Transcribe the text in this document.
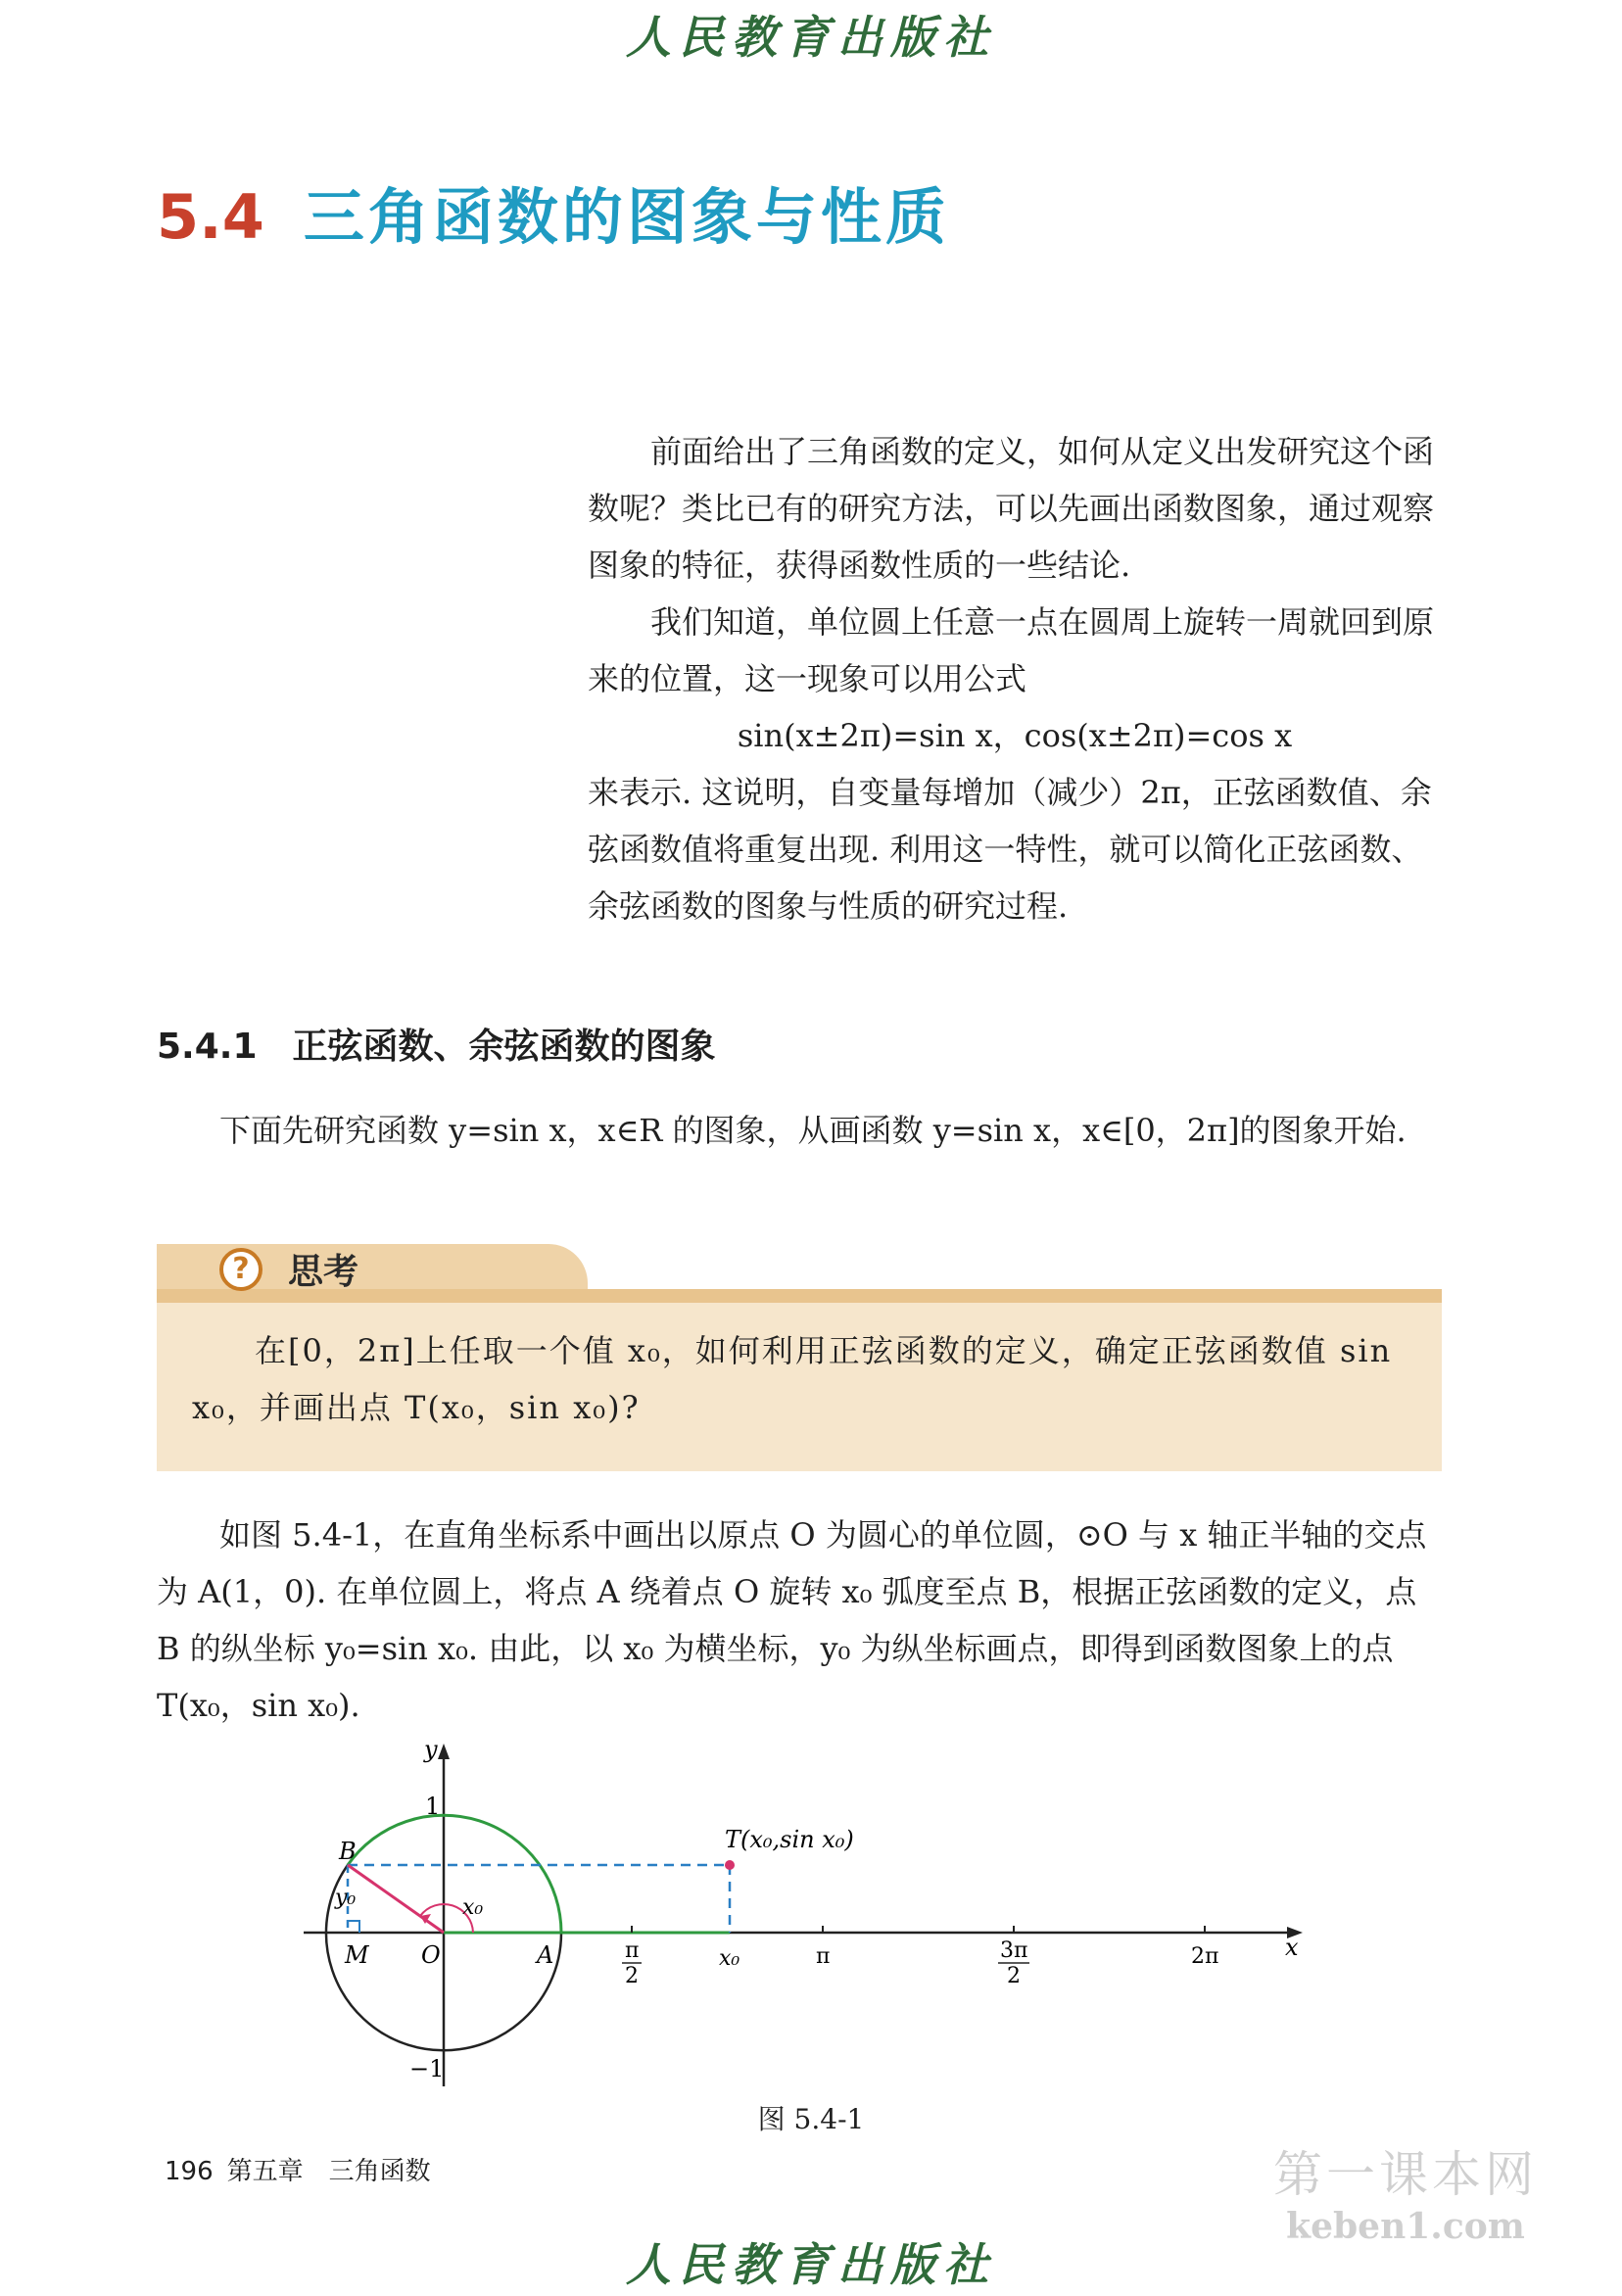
人民教育出版社
5.4 三角函数的图象与性质

前面给出了三角函数的定义，如何从定义出发研究这个函数呢？类比已有的研究方法，可以先画出函数图象，通过观察图象的特征，获得函数性质的一些结论.

我们知道，单位圆上任意一点在圆周上旋转一周就回到原来的位置，这一现象可以用公式

sin(x±2π)=sin x，cos(x±2π)=cos x

来表示. 这说明，自变量每增加（减少）2π，正弦函数值、余弦函数值将重复出现. 利用这一特性，就可以简化正弦函数、余弦函数的图象与性质的研究过程.

5.4.1 正弦函数、余弦函数的图象

下面先研究函数 y=sin x，x∈R 的图象，从画函数 y=sin x，x∈[0，2π]的图象开始.

?	思考

在[0，2π]上任取一个值 x₀，如何利用正弦函数的定义，确定正弦函数值 sin x₀，并画出点 T(x₀，sin x₀)?

如图 5.4-1，在直角坐标系中画出以原点 O 为圆心的单位圆，⊙O 与 x 轴正半轴的交点为 A(1，0). 在单位圆上，将点 A 绕着点 O 旋转 x₀ 弧度至点 B，根据正弦函数的定义，点 B 的纵坐标 y₀=sin x₀. 由此，以 x₀ 为横坐标，y₀ 为纵坐标画点，即得到函数图象上的点 T(x₀，sin x₀).

y
x
1
−1
B
M O	A
y₀	x₀
T(x₀,sin x₀)
π
2
x₀	π	3π
2
2π
图 5.4-1
196 第五章　三角函数	第一课本网
keben1.com
人民教育出版社
